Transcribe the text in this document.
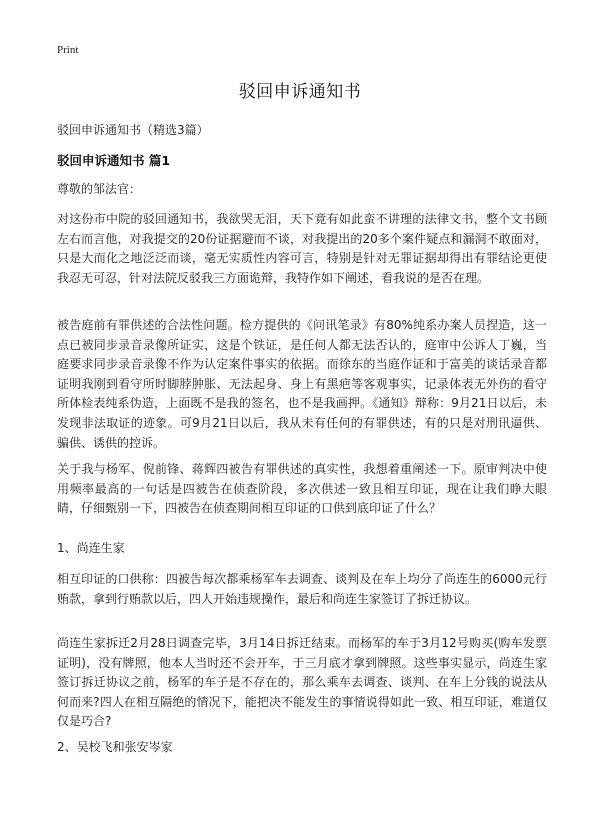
Print
驳回申诉通知书
驳回申诉通知书（精选3篇）
驳回申诉通知书 篇1

尊敬的邹法官：

对这份市中院的驳回通知书，我欲哭无泪，天下竟有如此蛮不讲理的法律文书，整个文书顾左右而言他，对我提交的20份证据避而不谈，对我提出的20多个案件疑点和漏洞不敢面对，只是大而化之地泛泛而谈，毫无实质性内容可言，特别是针对无罪证据却得出有罪结论更使我忍无可忍，针对法院反驳我三方面诡辩，我特作如下阐述，看我说的是否在理。

被告庭前有罪供述的合法性问题。检方提供的《问讯笔录》有80%纯系办案人员捏造，这一点已被同步录音录像所证实，这是个铁证，是任何人都无法否认的，庭审中公诉人丁巍，当庭要求同步录音录像不作为认定案件事实的依据。而徐东的当庭作证和于富美的谈话录音都证明我刚到看守所时脚脖肿胀、无法起身、身上有黑疤等客观事实，记录体表无外伤的看守所体检表纯系伪造，上面既不是我的签名，也不是我画押。《通知》辩称：9月21日以后，未发现非法取证的迹象。可9月21日以后，我从未有任何的有罪供述，有的只是对刑讯逼供、骗供、诱供的控诉。

关于我与杨军、倪前锋、蒋辉四被告有罪供述的真实性，我想着重阐述一下。原审判决中使用频率最高的一句话是四被告在侦查阶段，多次供述一致且相互印证，现在让我们睁大眼睛，仔细甄别一下，四被告在侦查期间相互印证的口供到底印证了什么？

1、尚连生家

相互印证的口供称：四被告每次都乘杨军车去调查、谈判及在车上均分了尚连生的6000元行贿款，拿到行贿款以后，四人开始违规操作，最后和尚连生家签订了拆迁协议。

尚连生家拆迁2月28日调查完毕，3月14日拆迁结束。而杨军的车于3月12号购买(购车发票证明)，没有牌照，他本人当时还不会开车，于三月底才拿到牌照。这些事实显示，尚连生家签订拆迁协议之前，杨军的车子是不存在的，那么乘车去调查、谈判、在车上分钱的说法从何而来?四人在相互隔绝的情况下，能把决不能发生的事情说得如此一致、相互印证，难道仅仅是巧合?

2、吴校飞和张安岑家
